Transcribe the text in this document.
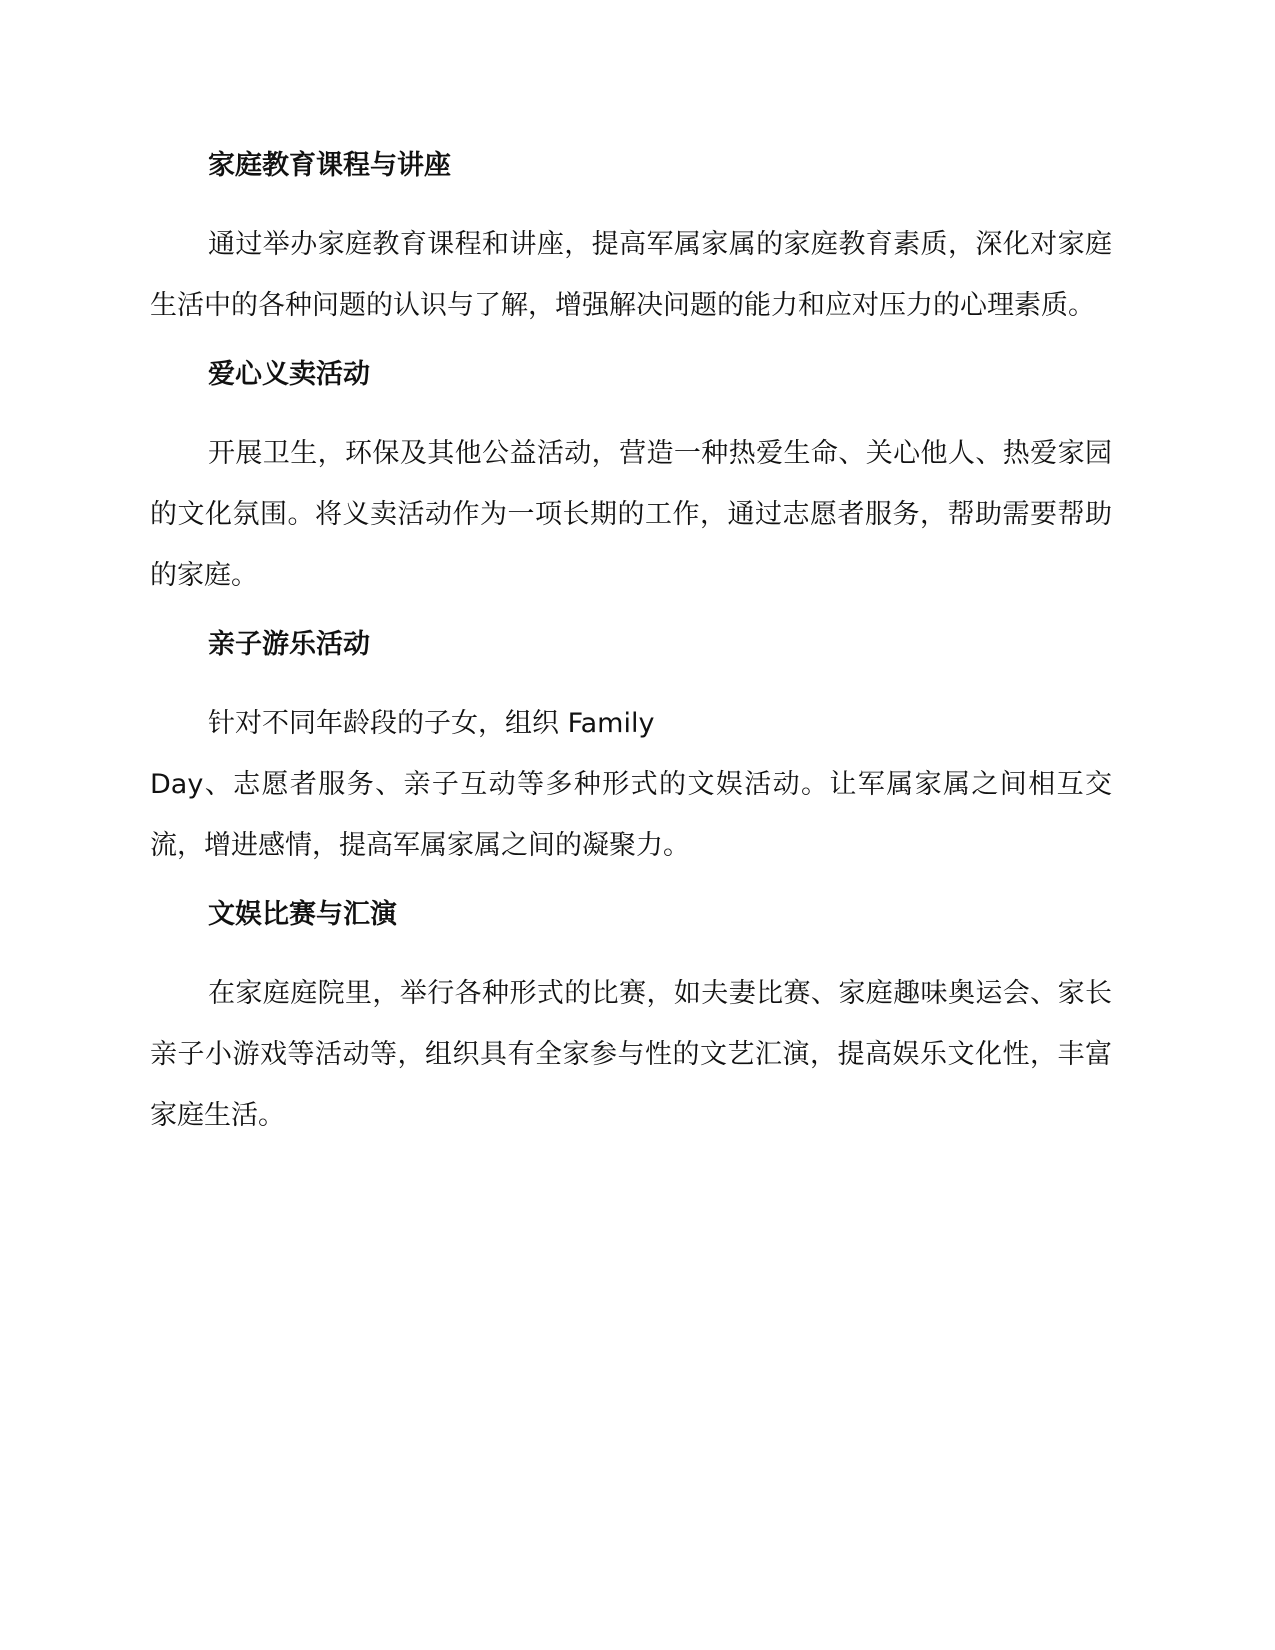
家庭教育课程与讲座

通过举办家庭教育课程和讲座，提高军属家属的家庭教育素质，深化对家庭生活中的各种问题的认识与了解，增强解决问题的能力和应对压力的心理素质。

爱心义卖活动

开展卫生，环保及其他公益活动，营造一种热爱生命、关心他人、热爱家园的文化氛围。将义卖活动作为一项长期的工作，通过志愿者服务，帮助需要帮助的家庭。

亲子游乐活动

针对不同年龄段的子女，组织 Family
Day、志愿者服务、亲子互动等多种形式的文娱活动。让军属家属之间相互交流，增进感情，提高军属家属之间的凝聚力。

文娱比赛与汇演

在家庭庭院里，举行各种形式的比赛，如夫妻比赛、家庭趣味奥运会、家长亲子小游戏等活动等，组织具有全家参与性的文艺汇演，提高娱乐文化性，丰富家庭生活。
